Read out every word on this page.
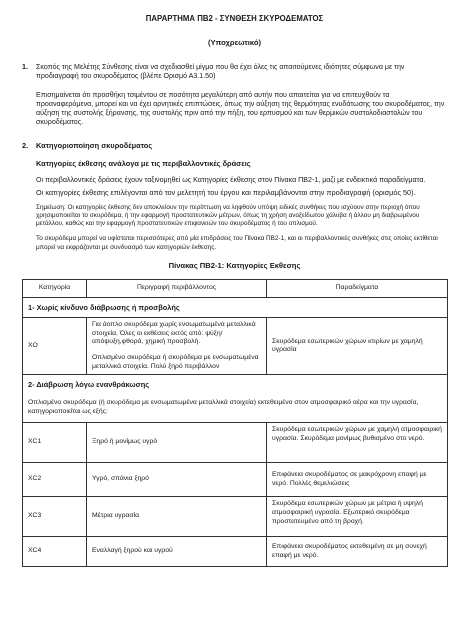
ΠΑΡΑΡΤΗΜΑ ΠΒ2 - ΣΥΝΘΕΣΗ ΣΚΥΡΟΔΕΜΑΤΟΣ
(Υποχρεωτικό)
1.	Σκοπός της Μελέτης Σύνθεσης είναι να σχεδιασθεί μίγμα που θα έχει όλες τις απαιτούμενες ιδιότητες σύμφωνα με την προδιαγραφή του σκυροδέματος (βλέπε Ορισμό Α3.1.50)

Επισημαίνεται ότι προσθήκη τσιμέντου σε ποσότητα μεγαλύτερη από αυτήν που απαιτείται για να επιτευχθούν τα προαναφερόμενα, μπορεί και να έχει αρνητικές επιπτώσεις, όπως την αύξηση της θερμότητας ενυδάτωσης του σκυροδέματος, την αύξηση της συστολής ξήρανσης, της συστολής πριν από την πήξη, του ερπυσμού και των θερμικών συστολοδιαστολών του σκυροδέματος.

2.	Κατηγοριοποίηση σκυροδέματος
Κατηγορίες έκθεσης ανάλογα με τις περιβαλλοντικές δράσεις

Οι περιβαλλοντικές δράσεις έχουν ταξινομηθεί ως Κατηγορίες έκθεσης στον Πίνακα ΠΒ2-1, μαζί με ενδεικτικά παραδείγματα.

Οι κατηγορίες έκθεσης επιλέγονται από τον μελετητή του έργου και περιλαμβάνονται στην προδιαγραφή (ορισμός 50).

Σημείωση: Οι κατηγορίες έκθεσης δεν αποκλείουν την περίπτωση να ληφθούν υπόψη ειδικές συνθήκες που ισχύουν στην περιοχή όπου χρησιμοποιείται το σκυρόδεμα, ή την εφαρμογή προστατευτικών μέτρων, όπως τη χρήση ανοξείδωτου χάλυβα ή άλλου μη διαβρωμένου μετάλλου, καθώς και την εφαρμογή προστατευτικών επιφανειών του σκυροδέματος ή του οπλισμού.

Το σκυρόδεμα μπορεί να υφίσταται περισσότερες από μία επιδράσεις του Πίνακα ΠΒ2-1, και οι περιβαλλοντικές συνθήκες στις οποίες εκτίθεται μπορεί να εκφράζονται με συνδυασμό των κατηγοριών έκθεσης.

Πίνακας ΠΒ2-1: Κατηγορίες Εκθεσης
Κατηγορία	Περιγραφή περιβάλλοντος	Παραδείγματα
1- Χωρίς κίνδυνο διάβρωσης ή προσβολής		
XO	Για άοπλο σκυρόδεμα χωρίς ενσωματωμένα μεταλλικά στοιχεία. Όλες οι εκθέσεις εκτός από: ψύξη/ απόψυξη,φθορά, χημική προσβολή.

Οπλισμένο σκυρόδεμα ή σκυρόδεμα με ενσωματωμένα μεταλλικά στοιχεία. Πολύ ξηρό περιβάλλον	Σκυρόδεμα εσωτερικών χώρων κτιρίων με χαμηλή υγρασία

2- Διάβρωση λόγω ενανθράκωσης
Οπλισμένο σκυρόδεμα (ή σκυρόδεμα με ενσωματωμένα μεταλλικά στοιχεία) εκτεθειμένο στον ατμοσφαιρικό αέρα και την υγρασία, κατηγοριοποιείται ως εξής:		

XC1	Ξηρό ή μονίμως υγρό	Σκυρόδεμα εσωτερικών χώρων με χαμηλή ατμοσφαιρική υγρασία. Σκυρόδεμα μονίμως βυθισμένο στο νερό.
XC2	Υγρό, σπάνια ξηρό	Επιφάνεια σκυροδέματος σε μακρόχρονη επαφή με νερό. Πολλές θεμελιώσεις
XC3	Μέτρια υγρασία	Σκυρόδεμα εσωτερικών χώρων με μέτρια ή υψηλή ατμοσφαιρική υγρασία. Εξωτερικό σκυρόδεμα προστατευμένο από τη βροχή.
XC4	Εναλλαγή ξηρού και υγρού	Επιφάνεια σκυροδέματος εκτεθειμένη σε μη συνεχή επαφή με νερό.
